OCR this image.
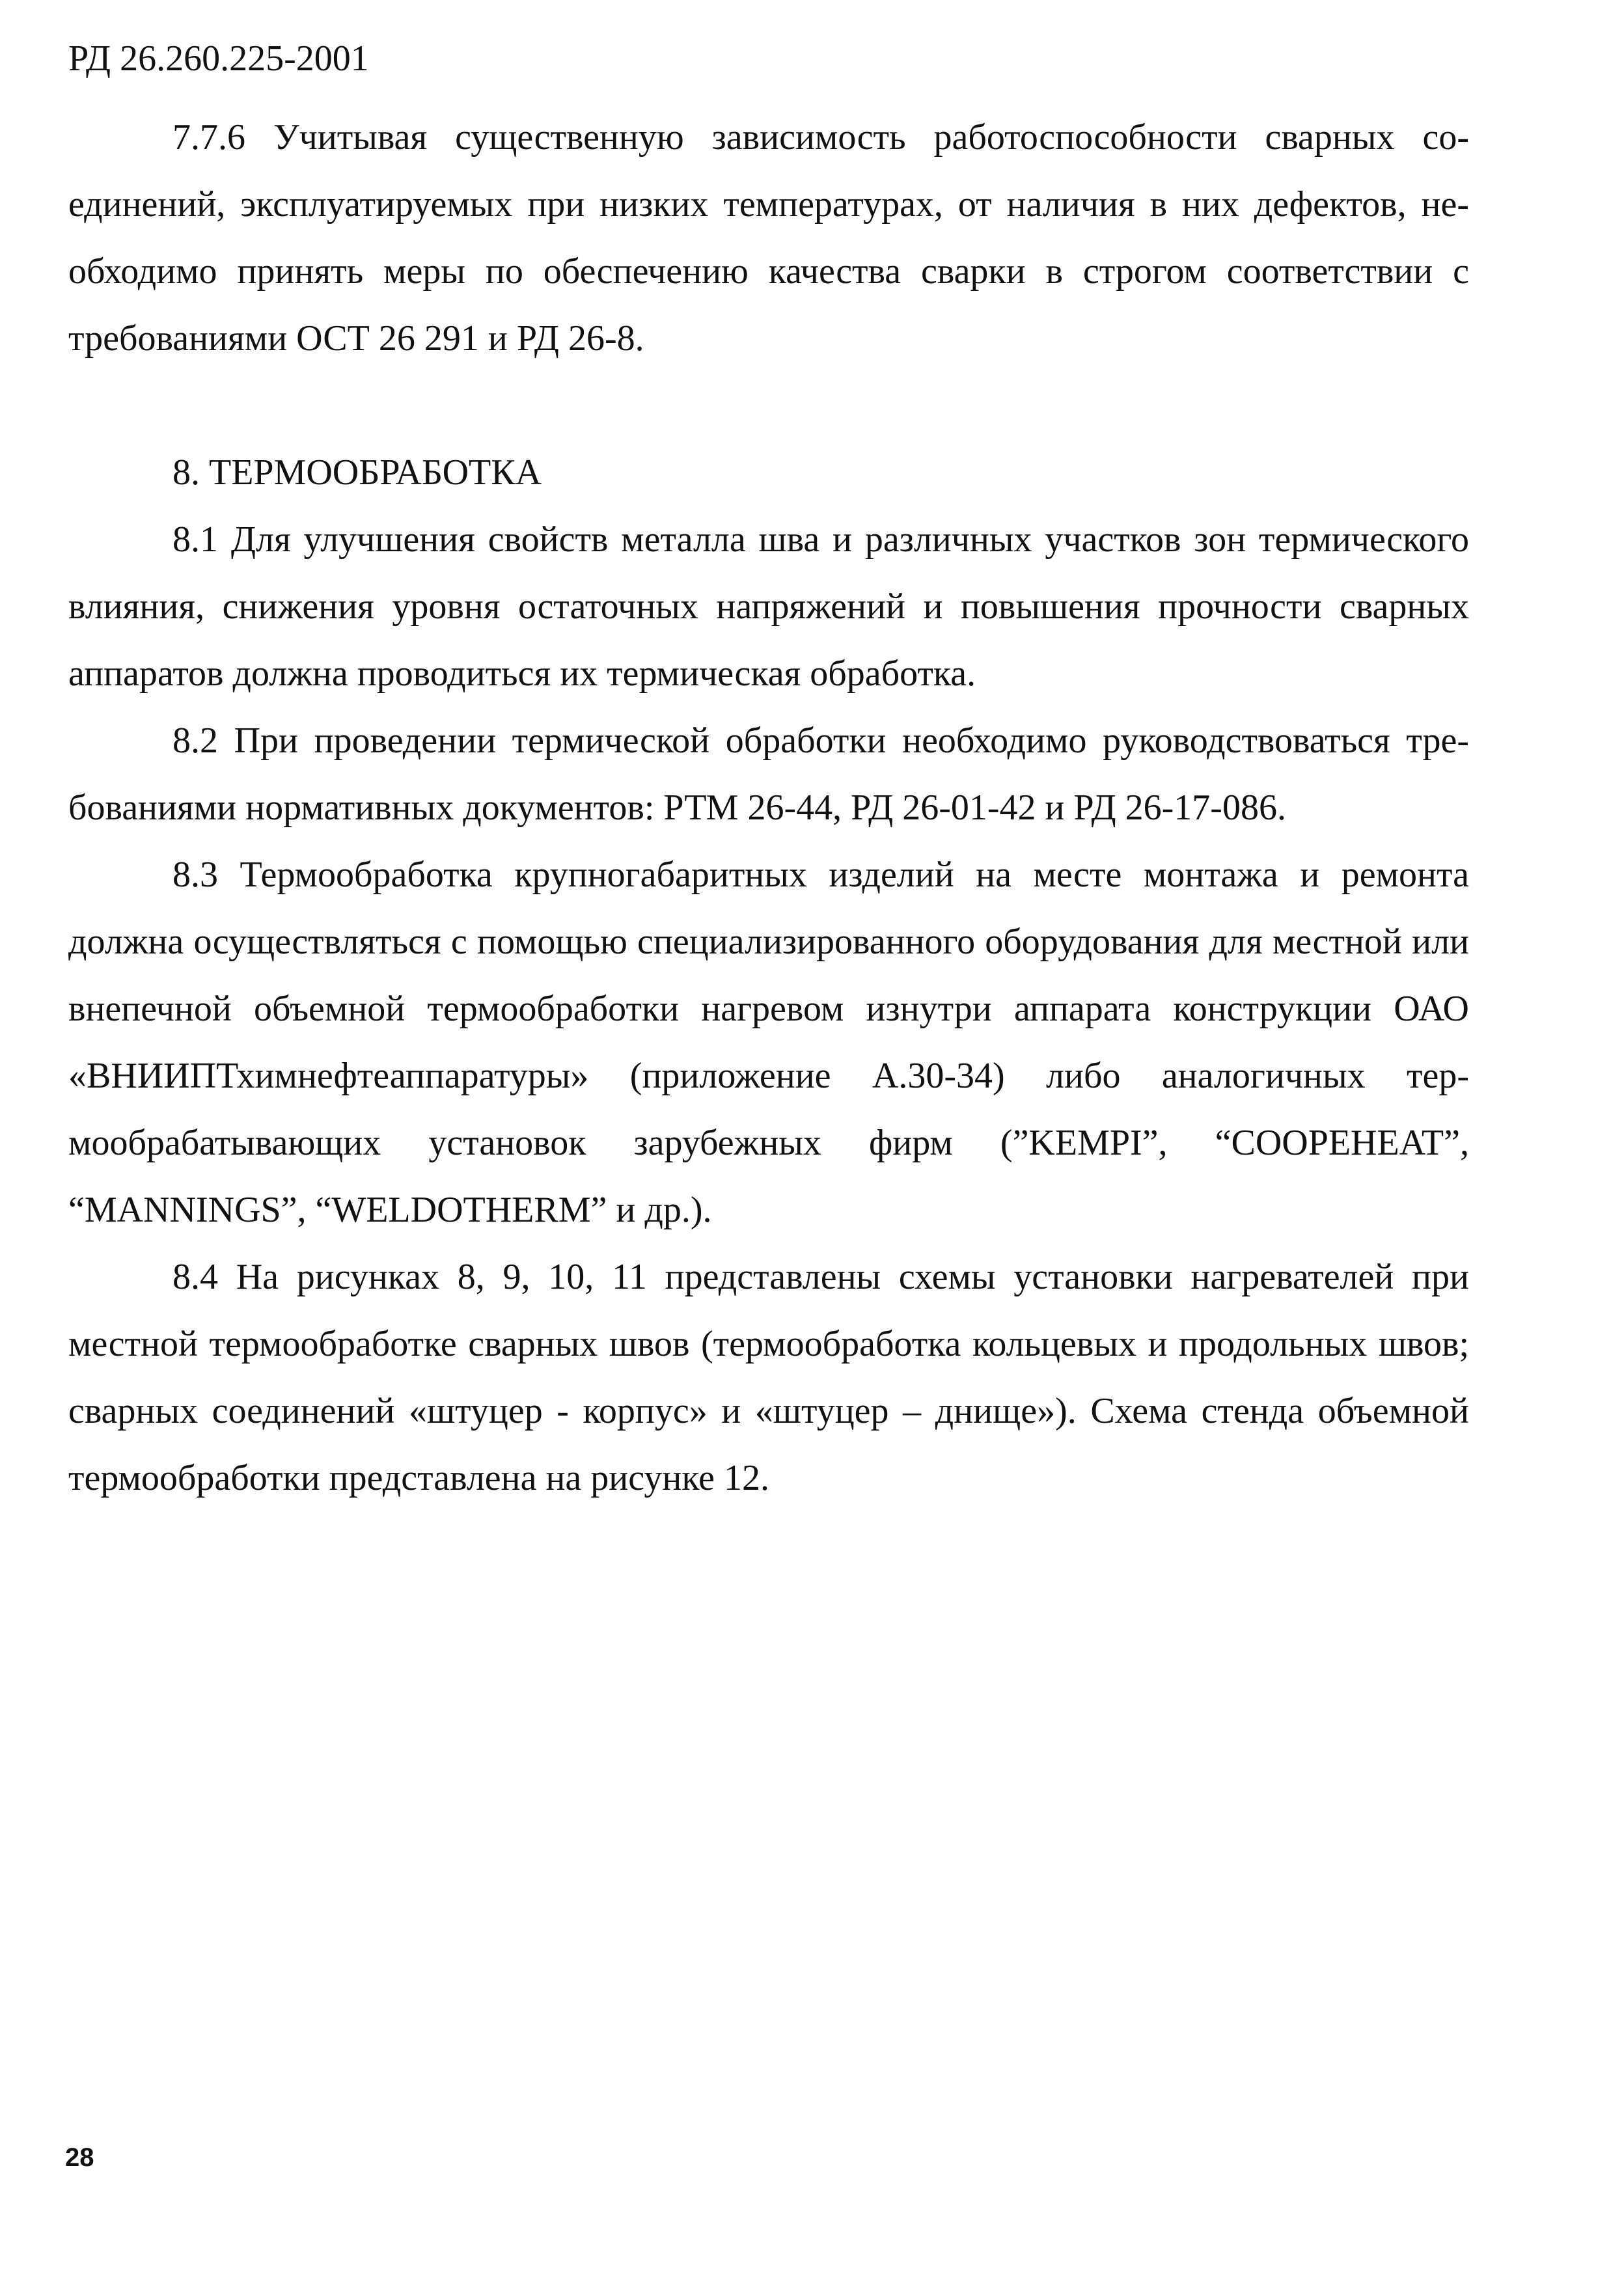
РД 26.260.225-2001

7.7.6 Учитывая существенную зависимость работоспособности сварных соединений, эксплуатируемых при низких температурах, от наличия в них дефектов, необходимо принять меры по обеспечению качества сварки в строгом соответствии с требованиями ОСТ 26 291 и РД 26-8.

8. ТЕРМООБРАБОТКА

8.1 Для улучшения свойств металла шва и различных участков зон термического влияния, снижения уровня остаточных напряжений и повышения прочности сварных аппаратов должна проводиться их термическая обработка.

8.2 При проведении термической обработки необходимо руководствоваться требованиями нормативных документов: РТМ 26-44, РД 26-01-42 и РД 26-17-086.

8.3 Термообработка крупногабаритных изделий на месте монтажа и ремонта должна осуществляться с помощью специализированного оборудования для местной или внепечной объемной термообработки нагревом изнутри аппарата конструкции ОАО «ВНИИПТхимнефтеаппаратуры» (приложение А.30-34) либо аналогичных термообрабатывающих установок зарубежных фирм (”KEMPI”, “COOPEHEAT”, “MANNINGS”, “WELDOTHERM” и др.).

8.4 На рисунках 8, 9, 10, 11 представлены схемы установки нагревателей при местной термообработке сварных швов (термообработка кольцевых и продольных швов; сварных соединений «штуцер - корпус» и «штуцер – днище»). Схема стенда объемной термообработки представлена на рисунке 12.

28
